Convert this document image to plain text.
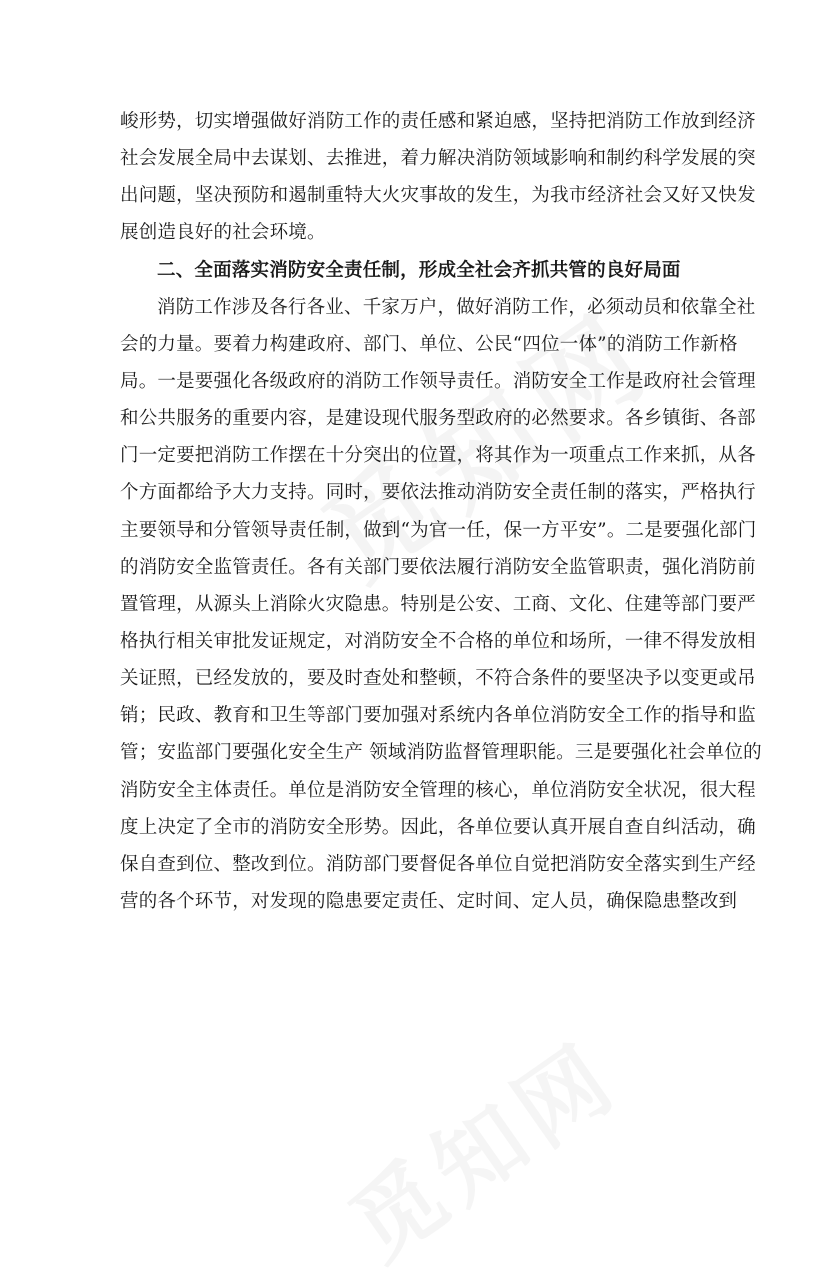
峻形势，切实增强做好消防工作的责任感和紧迫感，坚持把消防工作放到经济
社会发展全局中去谋划、去推进，着力解决消防领域影响和制约科学发展的突
出问题，坚决预防和遏制重特大火灾事故的发生，为我市经济社会又好又快发
展创造良好的社会环境。
二、全面落实消防安全责任制，形成全社会齐抓共管的良好局面
消防工作涉及各行各业、千家万户，做好消防工作，必须动员和依靠全社
会的力量。要着力构建政府、部门、单位、公民“四位一体”的消防工作新格
局。一是要强化各级政府的消防工作领导责任。消防安全工作是政府社会管理
和公共服务的重要内容，是建设现代服务型政府的必然要求。各乡镇街、各部
门一定要把消防工作摆在十分突出的位置，将其作为一项重点工作来抓，从各
个方面都给予大力支持。同时，要依法推动消防安全责任制的落实，严格执行
主要领导和分管领导责任制，做到“为官一任，保一方平安”。二是要强化部门
的消防安全监管责任。各有关部门要依法履行消防安全监管职责，强化消防前
置管理，从源头上消除火灾隐患。特别是公安、工商、文化、住建等部门要严
格执行相关审批发证规定，对消防安全不合格的单位和场所，一律不得发放相
关证照，已经发放的，要及时查处和整顿，不符合条件的要坚决予以变更或吊
销；民政、教育和卫生等部门要加强对系统内各单位消防安全工作的指导和监
管；安监部门要强化安全生产 领域消防监督管理职能。三是要强化社会单位的
消防安全主体责任。单位是消防安全管理的核心，单位消防安全状况，很大程
度上决定了全市的消防安全形势。因此，各单位要认真开展自查自纠活动，确
保自查到位、整改到位。消防部门要督促各单位自觉把消防安全落实到生产经
营的各个环节，对发现的隐患要定责任、定时间、定人员，确保隐患整改到
